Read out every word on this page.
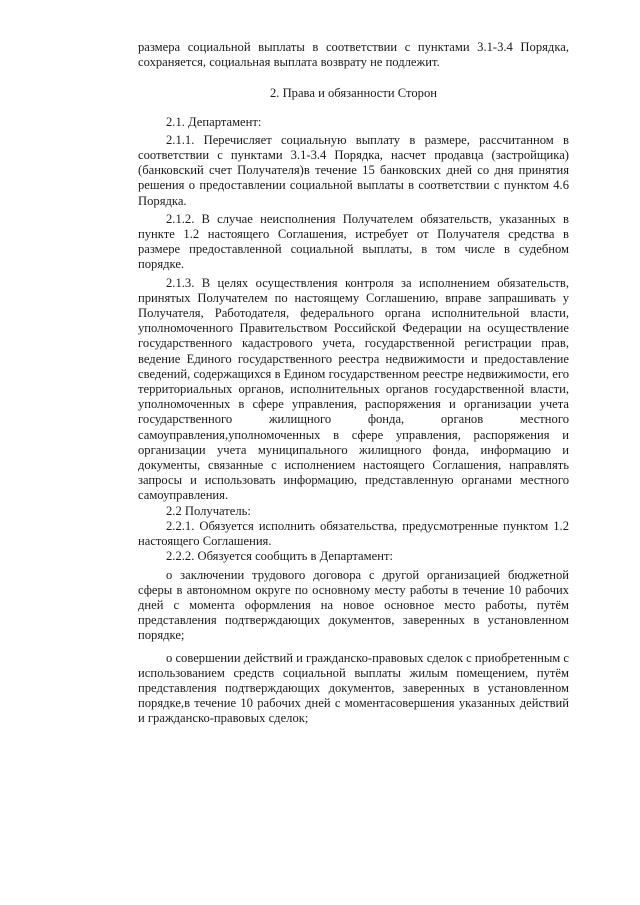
размера социальной выплаты в соответствии с пунктами 3.1-3.4 Порядка, сохраняется, социальная выплата возврату не подлежит.

2. Права и обязанности Сторон

2.1. Департамент:

2.1.1. Перечисляет социальную выплату в размере, рассчитанном в соответствии с пунктами 3.1-3.4 Порядка, насчет продавца (застройщика) (банковский счет Получателя)в течение 15 банковских дней со дня принятия решения о предоставлении социальной выплаты в соответствии с пунктом 4.6 Порядка.

2.1.2. В случае неисполнения Получателем обязательств, указанных в пункте 1.2 настоящего Соглашения, истребует от Получателя средства в размере предоставленной социальной выплаты, в том числе в судебном порядке.

2.1.3. В целях осуществления контроля за исполнением обязательств, принятых Получателем по настоящему Соглашению, вправе запрашивать у Получателя, Работодателя, федерального органа исполнительной власти, уполномоченного Правительством Российской Федерации на осуществление государственного кадастрового учета, государственной регистрации прав, ведение Единого государственного реестра недвижимости и предоставление сведений, содержащихся в Едином государственном реестре недвижимости, его территориальных органов, исполнительных органов государственной власти, уполномоченных в сфере управления, распоряжения и организации учета государственного жилищного фонда, органов местного самоуправления,уполномоченных в сфере управления, распоряжения и организации учета муниципального жилищного фонда, информацию и документы, связанные с исполнением настоящего Соглашения, направлять запросы и использовать информацию, представленную органами местного самоуправления.

2.2 Получатель:

2.2.1. Обязуется исполнить обязательства, предусмотренные пунктом 1.2 настоящего Соглашения.

2.2.2. Обязуется сообщить в Департамент:

о заключении трудового договора с другой организацией бюджетной сферы в автономном округе по основному месту работы в течение 10 рабочих дней с момента оформления на новое основное место работы, путём представления подтверждающих документов, заверенных в установленном порядке;

о совершении действий и гражданско-правовых сделок с приобретенным с использованием средств социальной выплаты жилым помещением, путём представления подтверждающих документов, заверенных в установленном порядке,в течение 10 рабочих дней с моментасовершения указанных действий и гражданско-правовых сделок;
